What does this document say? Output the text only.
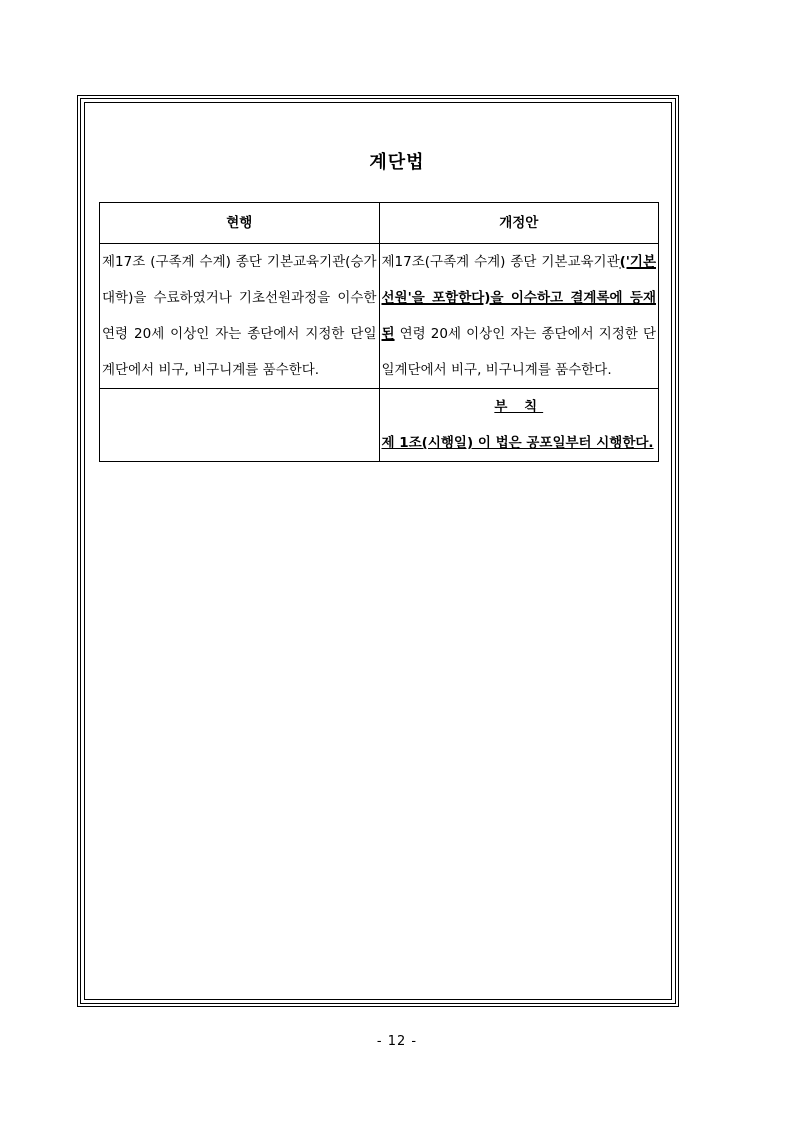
계단법
현행	개정안
제17조 (구족계 수계) 종단 기본교육기관(승가대학)을 수료하였거나 기초선원과정을 이수한 연령 20세 이상인 자는 종단에서 지정한 단일계단에서 비구, 비구니계를 품수한다.	제17조(구족계 수계) 종단 기본교육기관('기본선원'을 포함한다)을 이수하고 결계록에 등재된 연령 20세 이상인 자는 종단에서 지정한 단일계단에서 비구, 비구니계를 품수한다.

	부 칙
제 1조(시행일) 이 법은 공포일부터 시행한다.
- 12 -
